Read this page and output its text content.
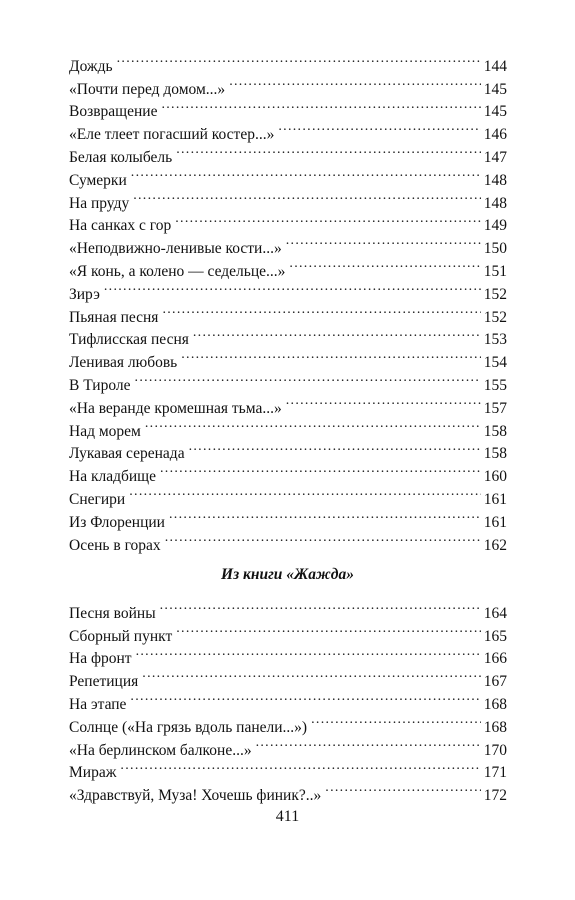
Дождь . . .	144
«Почти перед домом...» . . .	145
Возвращение . . .	145
«Еле тлеет погасший костер...» . . .	146
Белая колыбель . . .	147
Сумерки . . .	148
На пруду . . .	148
На санках с гор . . .	149
«Неподвижно-ленивые кости...» . . .	150
«Я конь, а колено — седельце...» . . .	151
Зирэ . . .	152
Пьяная песня . . .	152
Тифлисская песня . . .	153
Ленивая любовь . . .	154
В Тироле . . .	155
«На веранде кромешная тьма...» . . .	157
Над морем . . .	158
Лукавая серенада . . .	158
На кладбище . . .	160
Снегири . . .	161
Из Флоренции . . .	161
Осень в горах . . .	162
Из книги «Жажда»
Песня войны . . .	164
Сборный пункт . . .	165
На фронт . . .	166
Репетиция . . .	167
На этапе . . .	168
Солнце («На грязь вдоль панели...») . . .	168
«На берлинском балконе...» . . .	170
Мираж . . .	171
«Здравствуй, Муза! Хочешь финик?..» . . .	172
411
